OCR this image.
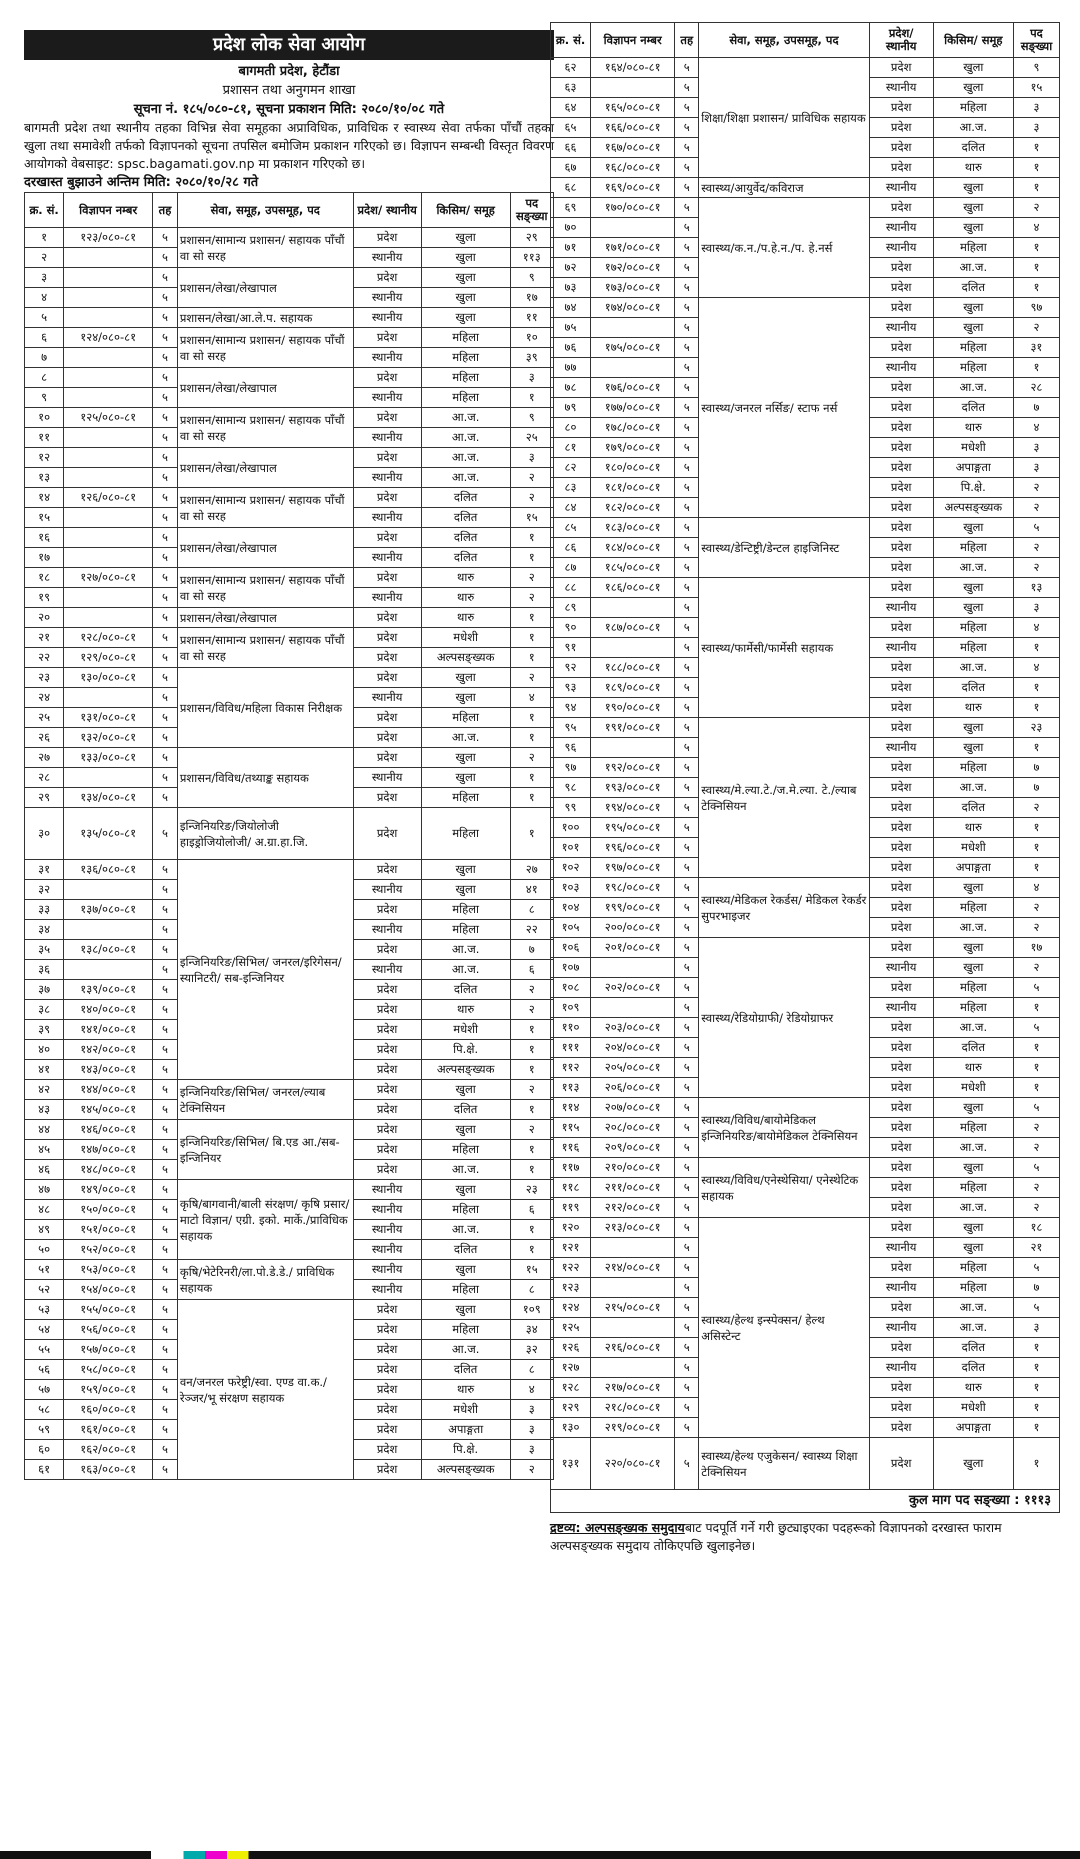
प्रदेश लोक सेवा आयोग
बागमती प्रदेश, हेटौंडा
प्रशासन तथा अनुगमन शाखा
सूचना नं. १८५/०८०-८१, सूचना प्रकाशन मिति: २०८०/१०/०८ गते
बागमती प्रदेश तथा स्थानीय तहका विभिन्न सेवा समूहका अप्राविधिक, प्राविधिक र स्वास्थ्य सेवा तर्फका पाँचौं तहका खुला तथा समावेशी तर्फको विज्ञापनको सूचना तपसिल बमोजिम प्रकाशन गरिएको छ। विज्ञापन सम्बन्धी विस्तृत विवरण आयोगको वेबसाइट: spsc.bagamati.gov.np मा प्रकाशन गरिएको छ।
दरखास्त बुझाउने अन्तिम मिति: २०८०/१०/२८ गते
क्र. सं.	विज्ञापन नम्बर	तह	सेवा, समूह, उपसमूह, पद	प्रदेश/ स्थानीय	किसिम/ समूह	पद सङ्ख्या
१	१२३/०८०-८१	५	प्रशासन/सामान्य प्रशासन/ सहायक पाँचौं वा सो सरह	प्रदेश	खुला	२९
२		५		स्थानीय	खुला	११३
३		५	प्रशासन/लेखा/लेखापाल	प्रदेश	खुला	९
४		५		स्थानीय	खुला	१७
५		५	प्रशासन/लेखा/आ.ले.प. सहायक	स्थानीय	खुला	११
६	१२४/०८०-८१	५	प्रशासन/सामान्य प्रशासन/ सहायक पाँचौं वा सो सरह	प्रदेश	महिला	१०
७		५		स्थानीय	महिला	३९
८		५	प्रशासन/लेखा/लेखापाल	प्रदेश	महिला	३
९		५		स्थानीय	महिला	१
१०	१२५/०८०-८१	५	प्रशासन/सामान्य प्रशासन/ सहायक पाँचौं वा सो सरह	प्रदेश	आ.ज.	९
११		५		स्थानीय	आ.ज.	२५
१२		५	प्रशासन/लेखा/लेखापाल	प्रदेश	आ.ज.	३
१३		५		स्थानीय	आ.ज.	२
१४	१२६/०८०-८१	५	प्रशासन/सामान्य प्रशासन/ सहायक पाँचौं वा सो सरह	प्रदेश	दलित	२
१५		५		स्थानीय	दलित	१५
१६		५	प्रशासन/लेखा/लेखापाल	प्रदेश	दलित	१
१७		५		स्थानीय	दलित	१
१८	१२७/०८०-८१	५	प्रशासन/सामान्य प्रशासन/ सहायक पाँचौं वा सो सरह	प्रदेश	थारु	२
१९		५		स्थानीय	थारु	२
२०		५	प्रशासन/लेखा/लेखापाल	प्रदेश	थारु	१
२१	१२८/०८०-८१	५	प्रशासन/सामान्य प्रशासन/ सहायक पाँचौं वा सो सरह	प्रदेश	मधेशी	१
२२	१२९/०८०-८१	५		प्रदेश	अल्पसङ्ख्यक	१
२३	१३०/०८०-८१	५	प्रशासन/विविध/महिला विकास निरीक्षक	प्रदेश	खुला	२
२४		५		स्थानीय	खुला	४
२५	१३१/०८०-८१	५		प्रदेश	महिला	१
२६	१३२/०८०-८१	५		प्रदेश	आ.ज.	१
२७	१३३/०८०-८१	५	प्रशासन/विविध/तथ्याङ्क सहायक	प्रदेश	खुला	२
२८		५		स्थानीय	खुला	१
२९	१३४/०८०-८१	५		प्रदेश	महिला	१
३०	१३५/०८०-८१	५	इन्जिनियरिङ/जियोलोजी हाइड्रोजियोलोजी/ अ.ग्रा.हा.जि.	प्रदेश	महिला	१
३१	१३६/०८०-८१	५	इन्जिनियरिङ/सिभिल/ जनरल/इरिगेसन/स्यानिटरी/ सब-इन्जिनियर	प्रदेश	खुला	२७
३२		५		स्थानीय	खुला	४१
३३	१३७/०८०-८१	५		प्रदेश	महिला	८
३४		५		स्थानीय	महिला	२२
३५	१३८/०८०-८१	५		प्रदेश	आ.ज.	७
३६		५		स्थानीय	आ.ज.	६
३७	१३९/०८०-८१	५		प्रदेश	दलित	२
३८	१४०/०८०-८१	५		प्रदेश	थारु	२
३९	१४१/०८०-८१	५		प्रदेश	मधेशी	१
४०	१४२/०८०-८१	५		प्रदेश	पि.क्षे.	१
४१	१४३/०८०-८१	५		प्रदेश	अल्पसङ्ख्यक	१
४२	१४४/०८०-८१	५	इन्जिनियरिङ/सिभिल/ जनरल/ल्याब टेक्निसियन	प्रदेश	खुला	२
४३	१४५/०८०-८१	५		प्रदेश	दलित	१
४४	१४६/०८०-८१	५	इन्जिनियरिङ/सिभिल/ बि.एड आ./सब-इन्जिनियर	प्रदेश	खुला	२
४५	१४७/०८०-८१	५		प्रदेश	महिला	१
४६	१४८/०८०-८१	५		प्रदेश	आ.ज.	१
४७	१४९/०८०-८१	५	कृषि/बागवानी/बाली संरक्षण/ कृषि प्रसार/माटो विज्ञान/ एग्री. इको. मार्के./प्राविधिक सहायक	स्थानीय	खुला	२३
४८	१५०/०८०-८१	५		स्थानीय	महिला	६
४९	१५१/०८०-८१	५		स्थानीय	आ.ज.	१
५०	१५२/०८०-८१	५		स्थानीय	दलित	१
५१	१५३/०८०-८१	५	कृषि/भेटेरिनरी/ला.पो.डे.डे./ प्राविधिक सहायक	स्थानीय	खुला	१५
५२	१५४/०८०-८१	५		स्थानीय	महिला	८
५३	१५५/०८०-८१	५	वन/जनरल फरेष्ट्री/स्वा. एण्ड वा.क./रेञ्जर/भू संरक्षण सहायक	प्रदेश	खुला	१०९
५४	१५६/०८०-८१	५		प्रदेश	महिला	३४
५५	१५७/०८०-८१	५		प्रदेश	आ.ज.	३२
५६	१५८/०८०-८१	५		प्रदेश	दलित	८
५७	१५९/०८०-८१	५		प्रदेश	थारु	४
५८	१६०/०८०-८१	५		प्रदेश	मधेशी	३
५९	१६१/०८०-८१	५		प्रदेश	अपाङ्गता	३
६०	१६२/०८०-८१	५		प्रदेश	पि.क्षे.	३
६१	१६३/०८०-८१	५		प्रदेश	अल्पसङ्ख्यक	२
क्र. सं.	विज्ञापन नम्बर	तह	सेवा, समूह, उपसमूह, पद	प्रदेश/ स्थानीय	किसिम/ समूह	पद सङ्ख्या
६२	१६४/०८०-८१	५	शिक्षा/शिक्षा प्रशासन/ प्राविधिक सहायक	प्रदेश	खुला	९
६३		५		स्थानीय	खुला	१५
६४	१६५/०८०-८१	५		प्रदेश	महिला	३
६५	१६६/०८०-८१	५		प्रदेश	आ.ज.	३
६६	१६७/०८०-८१	५		प्रदेश	दलित	१
६७	१६८/०८०-८१	५		प्रदेश	थारु	१
६८	१६९/०८०-८१	५	स्वास्थ्य/आयुर्वेद/कविराज	स्थानीय	खुला	१
६९	१७०/०८०-८१	५	स्वास्थ्य/क.न./प.हे.न./प. हे.नर्स	प्रदेश	खुला	२
७०		५		स्थानीय	खुला	४
७१	१७१/०८०-८१	५		स्थानीय	महिला	१
७२	१७२/०८०-८१	५		प्रदेश	आ.ज.	१
७३	१७३/०८०-८१	५		प्रदेश	दलित	१
७४	१७४/०८०-८१	५	स्वास्थ्य/जनरल नर्सिङ/ स्टाफ नर्स	प्रदेश	खुला	९७
७५		५		स्थानीय	खुला	२
७६	१७५/०८०-८१	५		प्रदेश	महिला	३१
७७		५		स्थानीय	महिला	१
७८	१७६/०८०-८१	५		प्रदेश	आ.ज.	२८
७९	१७७/०८०-८१	५		प्रदेश	दलित	७
८०	१७८/०८०-८१	५		प्रदेश	थारु	४
८१	१७९/०८०-८१	५		प्रदेश	मधेशी	३
८२	१८०/०८०-८१	५		प्रदेश	अपाङ्गता	३
८३	१८१/०८०-८१	५		प्रदेश	पि.क्षे.	२
८४	१८२/०८०-८१	५		प्रदेश	अल्पसङ्ख्यक	२
८५	१८३/०८०-८१	५	स्वास्थ्य/डेन्टिष्ट्री/डेन्टल हाइजिनिस्ट	प्रदेश	खुला	५
८६	१८४/०८०-८१	५		प्रदेश	महिला	२
८७	१८५/०८०-८१	५		प्रदेश	आ.ज.	२
८८	१८६/०८०-८१	५	स्वास्थ्य/फार्मेसी/फार्मेसी सहायक	प्रदेश	खुला	१३
८९		५		स्थानीय	खुला	३
९०	१८७/०८०-८१	५		प्रदेश	महिला	४
९१		५		स्थानीय	महिला	१
९२	१८८/०८०-८१	५		प्रदेश	आ.ज.	४
९३	१८९/०८०-८१	५		प्रदेश	दलित	१
९४	१९०/०८०-८१	५		प्रदेश	थारु	१
९५	१९१/०८०-८१	५	स्वास्थ्य/मे.ल्या.टे./ज.मे.ल्या. टे./ल्याब टेक्निसियन	प्रदेश	खुला	२३
९६		५		स्थानीय	खुला	१
९७	१९२/०८०-८१	५		प्रदेश	महिला	७
९८	१९३/०८०-८१	५		प्रदेश	आ.ज.	७
९९	१९४/०८०-८१	५		प्रदेश	दलित	२
१००	१९५/०८०-८१	५		प्रदेश	थारु	१
१०१	१९६/०८०-८१	५		प्रदेश	मधेशी	१
१०२	१९७/०८०-८१	५		प्रदेश	अपाङ्गता	१
१०३	१९८/०८०-८१	५	स्वास्थ्य/मेडिकल रेकर्डस/ मेडिकल रेकर्डर सुपरभाइजर	प्रदेश	खुला	४
१०४	१९९/०८०-८१	५		प्रदेश	महिला	२
१०५	२००/०८०-८१	५		प्रदेश	आ.ज.	२
१०६	२०१/०८०-८१	५	स्वास्थ्य/रेडियोग्राफी/ रेडियोग्राफर	प्रदेश	खुला	१७
१०७		५		स्थानीय	खुला	२
१०८	२०२/०८०-८१	५		प्रदेश	महिला	५
१०९		५		स्थानीय	महिला	१
११०	२०३/०८०-८१	५		प्रदेश	आ.ज.	५
१११	२०४/०८०-८१	५		प्रदेश	दलित	१
११२	२०५/०८०-८१	५		प्रदेश	थारु	१
११३	२०६/०८०-८१	५		प्रदेश	मधेशी	१
११४	२०७/०८०-८१	५	स्वास्थ्य/विविध/बायोमेडिकल इन्जिनियरिङ/बायोमेडिकल टेक्निसियन	प्रदेश	खुला	५
११५	२०८/०८०-८१	५		प्रदेश	महिला	२
११६	२०९/०८०-८१	५		प्रदेश	आ.ज.	२
११७	२१०/०८०-८१	५	स्वास्थ्य/विविध/एनेस्थेसिया/ एनेस्थेटिक सहायक	प्रदेश	खुला	५
११८	२११/०८०-८१	५		प्रदेश	महिला	२
११९	२१२/०८०-८१	५		प्रदेश	आ.ज.	२
१२०	२१३/०८०-८१	५	स्वास्थ्य/हेल्थ इन्स्पेक्सन/ हेल्थ असिस्टेन्ट	प्रदेश	खुला	१८
१२१		५		स्थानीय	खुला	२१
१२२	२१४/०८०-८१	५		प्रदेश	महिला	५
१२३		५		स्थानीय	महिला	७
१२४	२१५/०८०-८१	५		प्रदेश	आ.ज.	५
१२५		५		स्थानीय	आ.ज.	३
१२६	२१६/०८०-८१	५		प्रदेश	दलित	१
१२७		५		स्थानीय	दलित	१
१२८	२१७/०८०-८१	५		प्रदेश	थारु	१
१२९	२१८/०८०-८१	५		प्रदेश	मधेशी	१
१३०	२१९/०८०-८१	५		प्रदेश	अपाङ्गता	१
१३१	२२०/०८०-८१	५	स्वास्थ्य/हेल्थ एजुकेसन/ स्वास्थ्य शिक्षा टेक्निसियन	प्रदेश	खुला	१
कुल माग पद सङ्ख्या : १११३
द्रष्टव्य: अल्पसङ्ख्यक समुदायबाट पदपूर्ति गर्ने गरी छुट्याइएका पदहरूको विज्ञापनको दरखास्त फाराम अल्पसङ्ख्यक समुदाय तोकिएपछि खुलाइनेछ।
